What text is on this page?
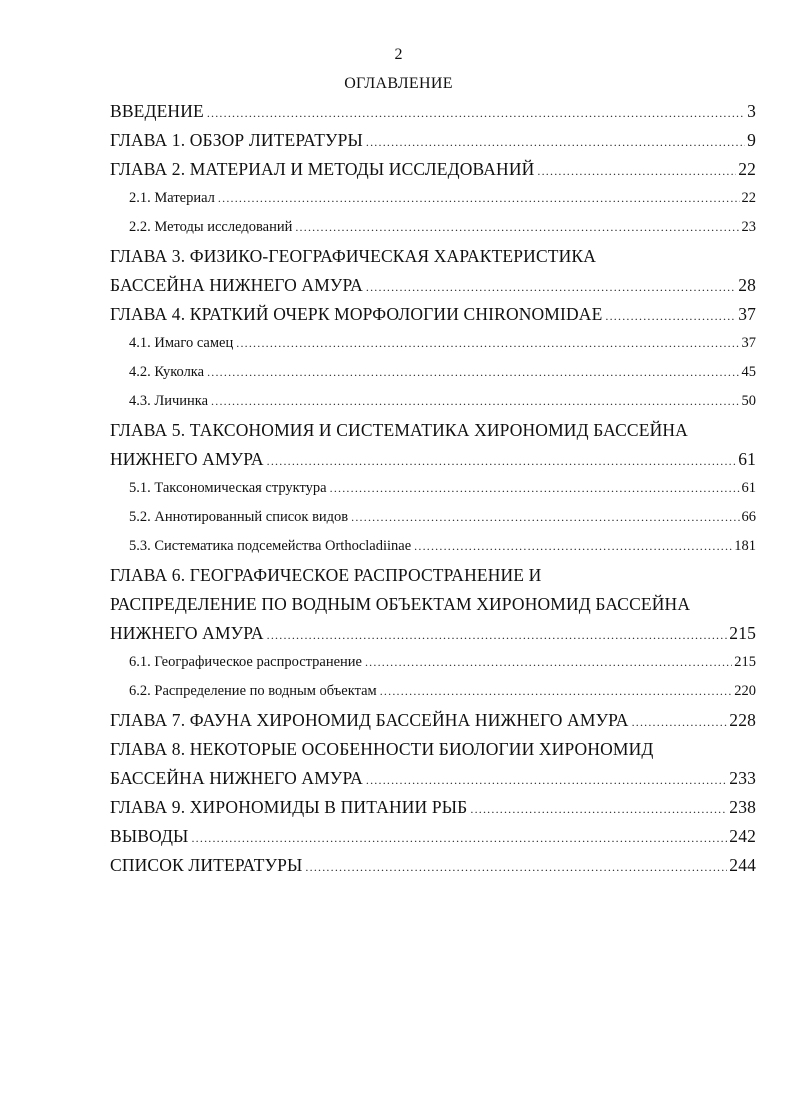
2
ОГЛАВЛЕНИЕ
ВВЕДЕНИЕ .....	3
ГЛАВА 1. ОБЗОР ЛИТЕРАТУРЫ .....	9
ГЛАВА 2. МАТЕРИАЛ И МЕТОДЫ ИССЛЕДОВАНИЙ .....	22
2.1. Материал .....	22
2.2. Методы исследований .....	23
ГЛАВА 3. ФИЗИКО-ГЕОГРАФИЧЕСКАЯ ХАРАКТЕРИСТИКА
БАССЕЙНА НИЖНЕГО АМУРА .....	28
ГЛАВА 4. КРАТКИЙ ОЧЕРК МОРФОЛОГИИ CHIRONOMIDAE .....	37
4.1. Имаго самец .....	37
4.2. Куколка .....	45
4.3. Личинка .....	50
ГЛАВА 5. ТАКСОНОМИЯ И СИСТЕМАТИКА ХИРОНОМИД БАССЕЙНА
НИЖНЕГО АМУРА .....	61
5.1. Таксономическая структура .....	61
5.2. Аннотированный список видов .....	66
5.3. Систематика подсемейства Orthocladiinae .....	181
ГЛАВА 6. ГЕОГРАФИЧЕСКОЕ РАСПРОСТРАНЕНИЕ И
РАСПРЕДЕЛЕНИЕ ПО ВОДНЫМ ОБЪЕКТАМ ХИРОНОМИД БАССЕЙНА
НИЖНЕГО АМУРА .....	215
6.1. Географическое распространение .....	215
6.2. Распределение по водным объектам .....	220
ГЛАВА 7. ФАУНА ХИРОНОМИД БАССЕЙНА НИЖНЕГО АМУРА .....	228
ГЛАВА 8. НЕКОТОРЫЕ ОСОБЕННОСТИ БИОЛОГИИ ХИРОНОМИД
БАССЕЙНА НИЖНЕГО АМУРА .....	233
ГЛАВА 9. ХИРОНОМИДЫ В ПИТАНИИ РЫБ .....	238
ВЫВОДЫ .....	242
СПИСОК ЛИТЕРАТУРЫ .....	244
